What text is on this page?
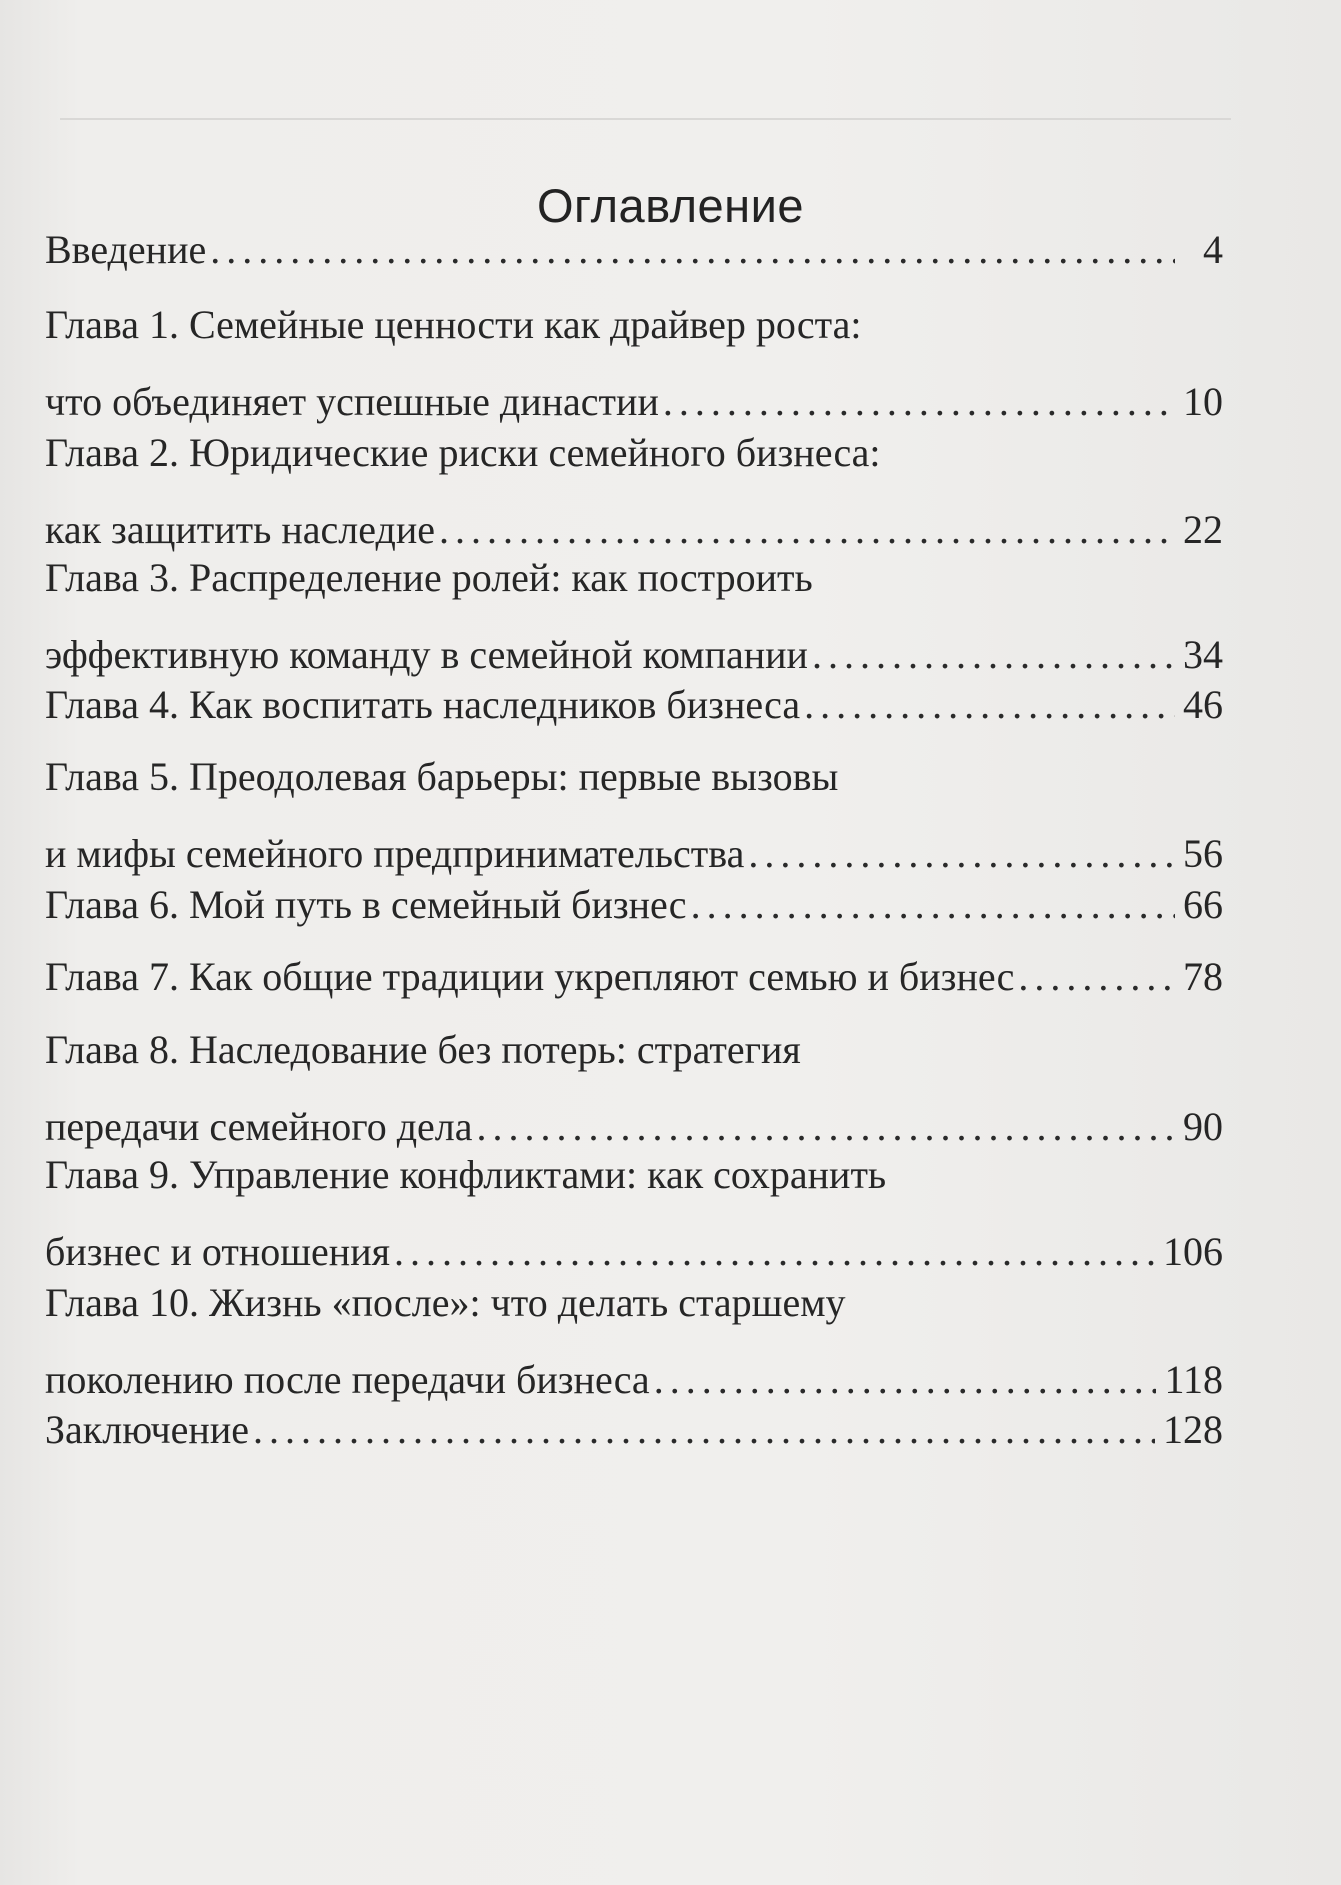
Оглавление
Введение . . .	4
Глава 1. Семейные ценности как драйвер роста:
что объединяет успешные династии . . .	10
Глава 2. Юридические риски семейного бизнеса:
как защитить наследие . . .	22
Глава 3. Распределение ролей: как построить
эффективную команду в семейной компании . . .	34
Глава 4. Как воспитать наследников бизнеса . . .	46
Глава 5. Преодолевая барьеры: первые вызовы
и мифы семейного предпринимательства . . .	56
Глава 6. Мой путь в семейный бизнес . . .	66
Глава 7. Как общие традиции укрепляют семью и бизнес . . .	78
Глава 8. Наследование без потерь: стратегия
передачи семейного дела . . .	90
Глава 9. Управление конфликтами: как сохранить
бизнес и отношения . . .	106
Глава 10. Жизнь «после»: что делать старшему
поколению после передачи бизнеса . . .	118
Заключение . . .	128
